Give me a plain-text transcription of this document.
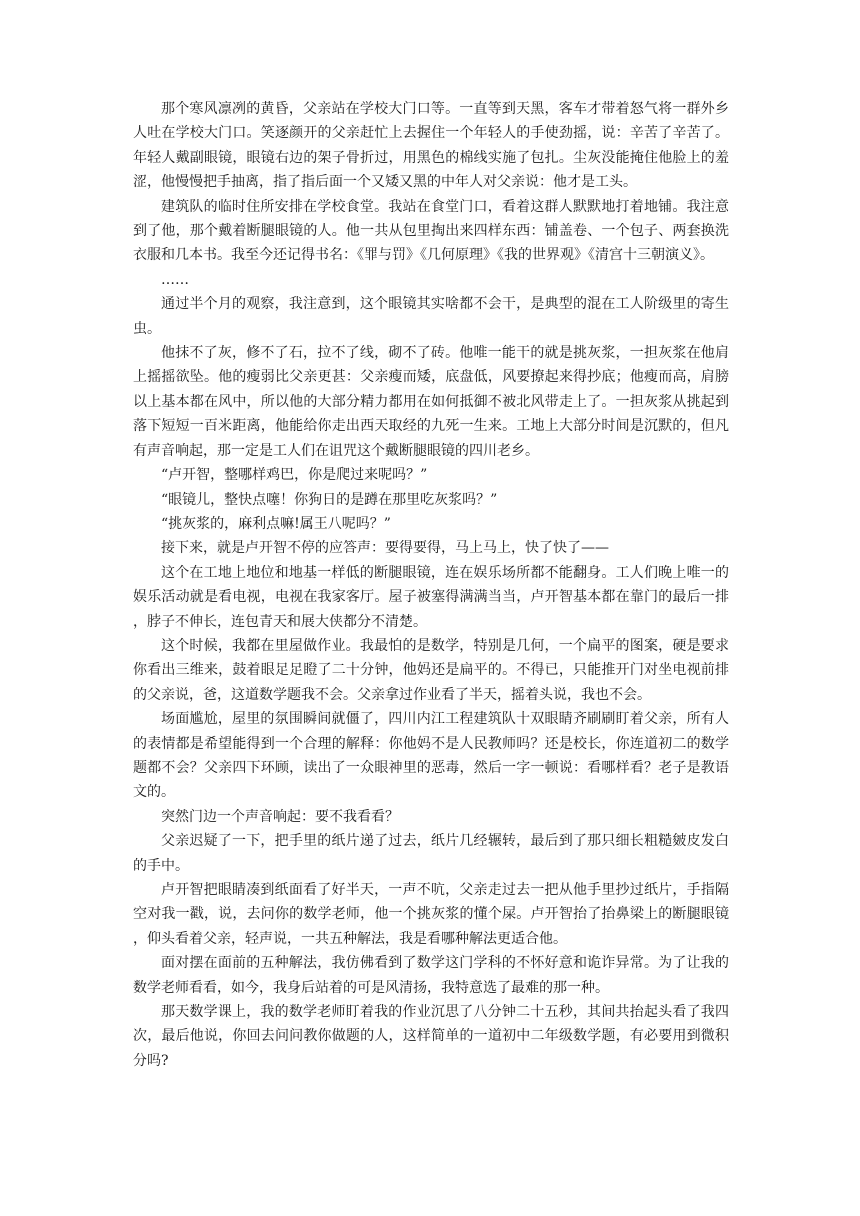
那个寒风凛冽的黄昏，父亲站在学校大门口等。一直等到天黑，客车才带着怒气将一群外乡人吐在学校大门口。笑逐颜开的父亲赶忙上去握住一个年轻人的手使劲摇，说：辛苦了辛苦了。年轻人戴副眼镜，眼镜右边的架子骨折过，用黑色的棉线实施了包扎。尘灰没能掩住他脸上的羞涩，他慢慢把手抽离，指了指后面一个又矮又黑的中年人对父亲说：他才是工头。

建筑队的临时住所安排在学校食堂。我站在食堂门口，看着这群人默默地打着地铺。我注意到了他，那个戴着断腿眼镜的人。他一共从包里掏出来四样东西：铺盖卷、一个包子、两套换洗衣服和几本书。我至今还记得书名：《罪与罚》《几何原理》《我的世界观》《清宫十三朝演义》。

……

通过半个月的观察，我注意到，这个眼镜其实啥都不会干，是典型的混在工人阶级里的寄生虫。

他抹不了灰，修不了石，拉不了线，砌不了砖。他唯一能干的就是挑灰浆，一担灰浆在他肩上摇摇欲坠。他的瘦弱比父亲更甚：父亲瘦而矮，底盘低，风要撩起来得抄底；他瘦而高，肩膀以上基本都在风中，所以他的大部分精力都用在如何抵御不被北风带走上了。一担灰浆从挑起到落下短短一百米距离，他能给你走出西天取经的九死一生来。工地上大部分时间是沉默的，但凡有声音响起，那一定是工人们在诅咒这个戴断腿眼镜的四川老乡。

“卢开智，整哪样鸡巴，你是爬过来呢吗？”

“眼镜儿，整快点噻！你狗日的是蹲在那里吃灰浆吗？”

“挑灰浆的，麻利点嘛!属王八呢吗？”

接下来，就是卢开智不停的应答声：要得要得，马上马上，快了快了——

这个在工地上地位和地基一样低的断腿眼镜，连在娱乐场所都不能翻身。工人们晚上唯一的娱乐活动就是看电视，电视在我家客厅。屋子被塞得满满当当，卢开智基本都在靠门的最后一排，脖子不伸长，连包青天和展大侠都分不清楚。

这个时候，我都在里屋做作业。我最怕的是数学，特别是几何，一个扁平的图案，硬是要求你看出三维来，鼓着眼足足瞪了二十分钟，他妈还是扁平的。不得已，只能推开门对坐电视前排的父亲说，爸，这道数学题我不会。父亲拿过作业看了半天，摇着头说，我也不会。

场面尴尬，屋里的氛围瞬间就僵了，四川内江工程建筑队十双眼睛齐刷刷盯着父亲，所有人的表情都是希望能得到一个合理的解释：你他妈不是人民教师吗？还是校长，你连道初二的数学题都不会？父亲四下环顾，读出了一众眼神里的恶毒，然后一字一顿说：看哪样看？老子是教语文的。

突然门边一个声音响起：要不我看看？

父亲迟疑了一下，把手里的纸片递了过去，纸片几经辗转，最后到了那只细长粗糙皴皮发白的手中。

卢开智把眼睛凑到纸面看了好半天，一声不吭，父亲走过去一把从他手里抄过纸片，手指隔空对我一戳，说，去问你的数学老师，他一个挑灰浆的懂个屎。卢开智抬了抬鼻梁上的断腿眼镜，仰头看着父亲，轻声说，一共五种解法，我是看哪种解法更适合他。

面对摆在面前的五种解法，我仿佛看到了数学这门学科的不怀好意和诡诈异常。为了让我的数学老师看看，如今，我身后站着的可是风清扬，我特意选了最难的那一种。

那天数学课上，我的数学老师盯着我的作业沉思了八分钟二十五秒，其间共抬起头看了我四次，最后他说，你回去问问教你做题的人，这样简单的一道初中二年级数学题，有必要用到微积分吗?
